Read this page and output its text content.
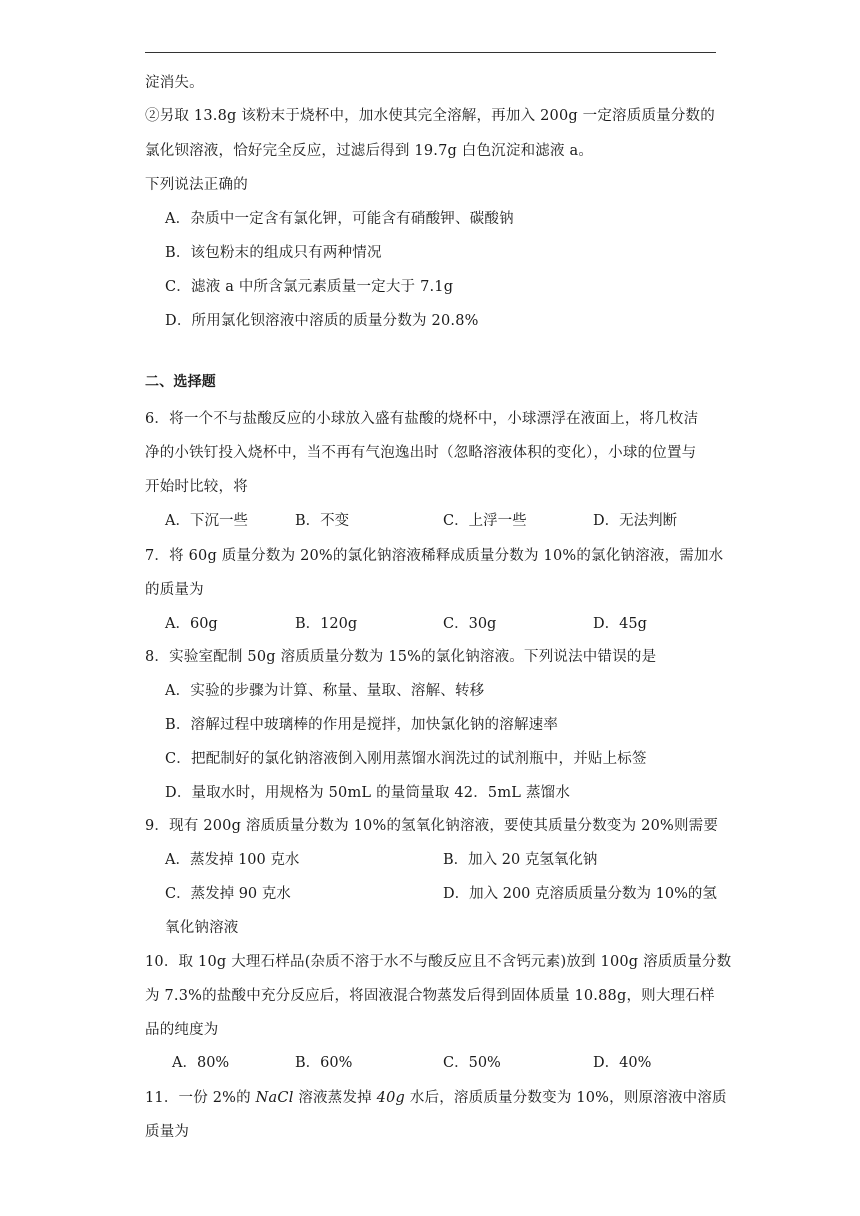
淀消失。
②另取 13.8g 该粉末于烧杯中，加水使其完全溶解，再加入 200g 一定溶质质量分数的
氯化钡溶液，恰好完全反应，过滤后得到 19.7g 白色沉淀和滤液 a。
下列说法正确的
A．杂质中一定含有氯化钾，可能含有硝酸钾、碳酸钠
B．该包粉末的组成只有两种情况
C．滤液 a 中所含氯元素质量一定大于 7.1g
D．所用氯化钡溶液中溶质的质量分数为 20.8%
二、选择题
6．将一个不与盐酸反应的小球放入盛有盐酸的烧杯中，小球漂浮在液面上，将几枚洁
净的小铁钉投入烧杯中，当不再有气泡逸出时（忽略溶液体积的变化），小球的位置与
开始时比较，将
A．下沉一些	B．不变	C．上浮一些	D．无法判断
7．将 60g 质量分数为 20%的氯化钠溶液稀释成质量分数为 10%的氯化钠溶液，需加水
的质量为
A．60g	B．120g	C．30g	D．45g
8．实验室配制 50g 溶质质量分数为 15%的氯化钠溶液。下列说法中错误的是
A．实验的步骤为计算、称量、量取、溶解、转移
B．溶解过程中玻璃棒的作用是搅拌，加快氯化钠的溶解速率
C．把配制好的氯化钠溶液倒入刚用蒸馏水润洗过的试剂瓶中，并贴上标签
D．量取水时，用规格为 50mL 的量筒量取 42．5mL 蒸馏水
9．现有 200g 溶质质量分数为 10%的氢氧化钠溶液，要使其质量分数变为 20%则需要
A．蒸发掉 100 克水	B．加入 20 克氢氧化钠
C．蒸发掉 90 克水	D．加入 200 克溶质质量分数为 10%的氢
氧化钠溶液
10．取 10g 大理石样品(杂质不溶于水不与酸反应且不含钙元素)放到 100g 溶质质量分数
为 7.3%的盐酸中充分反应后，将固液混合物蒸发后得到固体质量 10.88g，则大理石样
品的纯度为
A．80%	B．60%	C．50%	D．40%
11．一份 2%的 NaCl 溶液蒸发掉 40g 水后，溶质质量分数变为 10%，则原溶液中溶质
质量为
